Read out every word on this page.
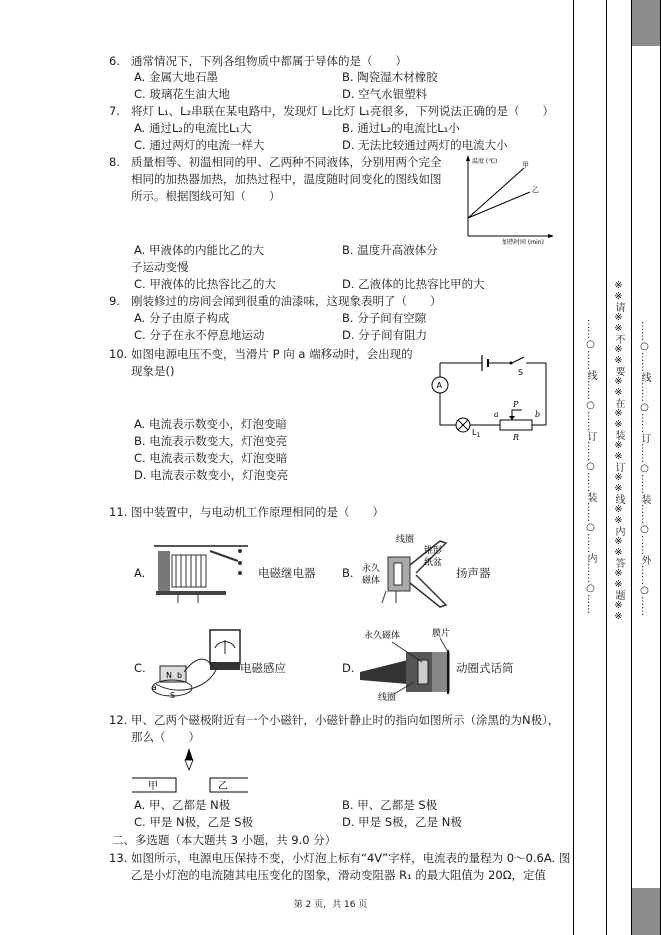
6. 通常情况下，下列各组物质中都属于导体的是（　　）
A. 金属大地石墨	B. 陶瓷湿木材橡胶
C. 玻璃花生油大地	D. 空气水银塑料
7. 将灯 L₁、L₂串联在某电路中，发现灯 L₂比灯 L₁亮很多，下列说法正确的是（　　）
A. 通过L₂的电流比L₁大	B. 通过L₂的电流比L₁小
C. 通过两灯的电流一样大	D. 无法比较通过两灯的电流大小
8. 质量相等、初温相同的甲、乙两种不同液体，分别用两个完全
相同的加热器加热，加热过程中，温度随时间变化的图线如图
所示。根据图线可知（　　）
温度 (℃)
加热时间 (min)
甲
乙
A. 甲液体的内能比乙的大	B. 温度升高液体分
子运动变慢
C. 甲液体的比热容比乙的大	D. 乙液体的比热容比甲的大
9. 刚装修过的房间会闻到很重的油漆味，这现象表明了（　　）
A. 分子由原子构成	B. 分子间有空隙
C. 分子在永不停息地运动	D. 分子间有阻力
10. 如图电源电压不变，当滑片 P 向 a 端移动时，会出现的
现象是()	S
A
$L_1$
P
a	b
R
A. 电流表示数变小，灯泡变暗
B. 电流表示数变大，灯泡变亮
C. 电流表示数变大，灯泡变暗
D. 电流表示数变小，灯泡变亮
11. 图中装置中，与电动机工作原理相同的是（　　）
A.	电磁继电器 B.
线圈
永久
磁体
锥形
纸盆
扬声器
C.
N b
a
S
电磁感应	D.
永久磁体	膜片
线圈
动圈式话筒
12. 甲、乙两个磁极附近有一个小磁针，小磁针静止时的指向如图所示（涂黑的为N极），
那么（　　）
甲	乙
A. 甲、乙都是 N极	B. 甲、乙都是 S极
C. 甲是 N极，乙是 S极	D. 甲是 S极，乙是 N极
二、多选题（本大题共 3 小题，共 9.0 分）
13. 如图所示，电源电压保持不变，小灯泡上标有“4V”字样，电流表的量程为 0～0.6A. 图
乙是小灯泡的电流随其电压变化的图象，滑动变阻器 R₁ 的最大阻值为 20Ω，定值
第 2 页，共 16 页
……○……线……○……订……○……装……○……内……○…… ※※请※※不※※要※※在※※装※※订※※线※※内※※答※※题※※ ……○……线……○……订……○……装……○……外……○……
